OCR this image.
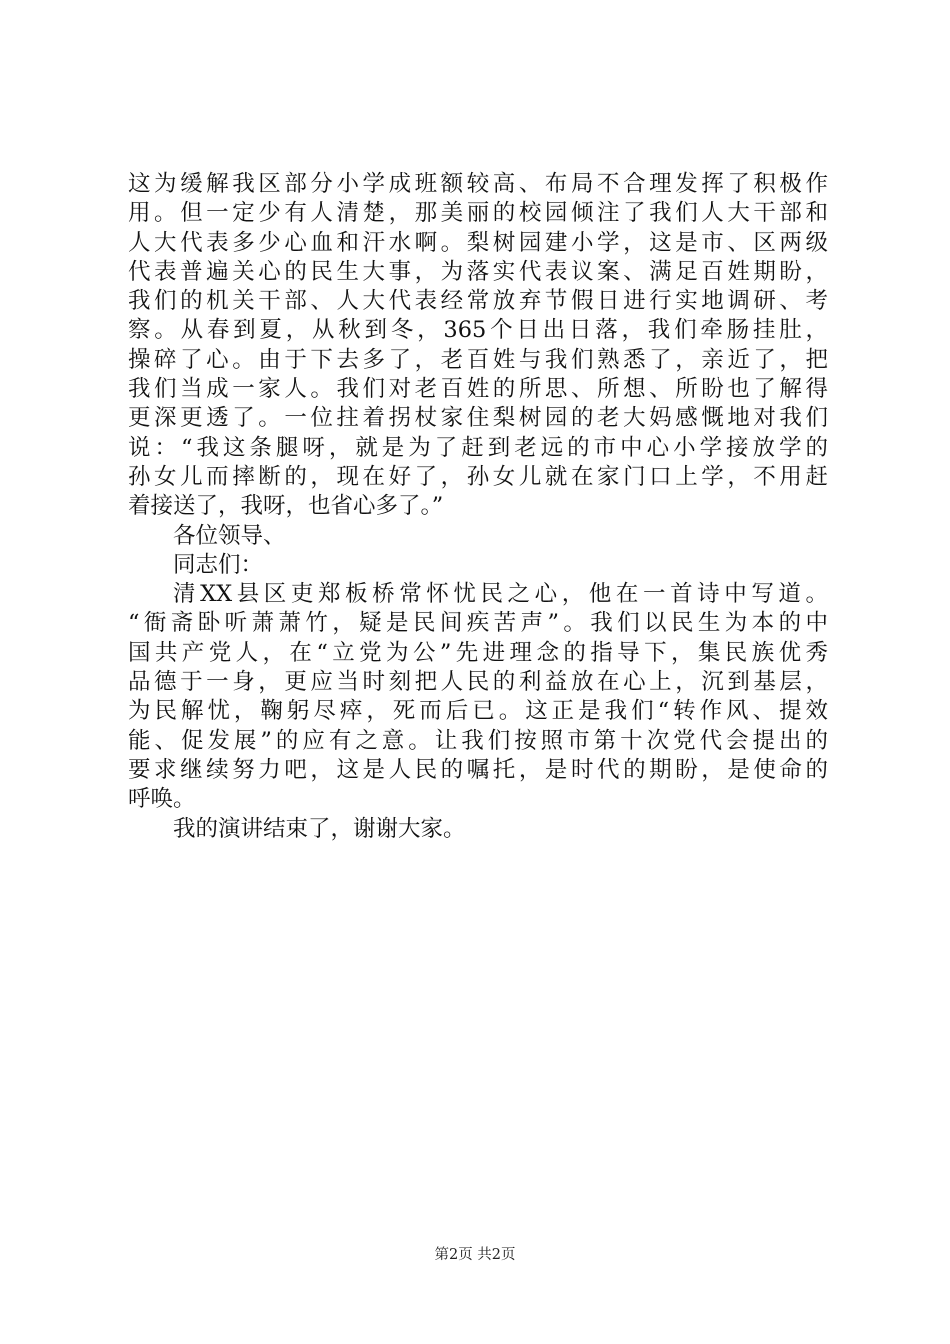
这为缓解我区部分小学成班额较高、布局不合理发挥了积极作
用。但一定少有人清楚，那美丽的校园倾注了我们人大干部和
人大代表多少心血和汗水啊。梨树园建小学，这是市、区两级
代表普遍关心的民生大事，为落实代表议案、满足百姓期盼，
我们的机关干部、人大代表经常放弃节假日进行实地调研、考
察。从春到夏，从秋到冬，365个日出日落，我们牵肠挂肚，
操碎了心。由于下去多了，老百姓与我们熟悉了，亲近了，把
我们当成一家人。我们对老百姓的所思、所想、所盼也了解得
更深更透了。一位拄着拐杖家住梨树园的老大妈感慨地对我们
说：“我这条腿呀，就是为了赶到老远的市中心小学接放学的
孙女儿而摔断的，现在好了，孙女儿就在家门口上学，不用赶
着接送了，我呀，也省心多了。”
各位领导、
同志们：
清XX县区吏郑板桥常怀忧民之心，他在一首诗中写道。
“衙斋卧听萧萧竹，疑是民间疾苦声”。我们以民生为本的中
国共产党人，在“立党为公”先进理念的指导下，集民族优秀
品德于一身，更应当时刻把人民的利益放在心上，沉到基层，
为民解忧，鞠躬尽瘁，死而后已。这正是我们“转作风、提效
能、促发展”的应有之意。让我们按照市第十次党代会提出的
要求继续努力吧，这是人民的嘱托，是时代的期盼，是使命的
呼唤。
我的演讲结束了，谢谢大家。
第2页 共2页
